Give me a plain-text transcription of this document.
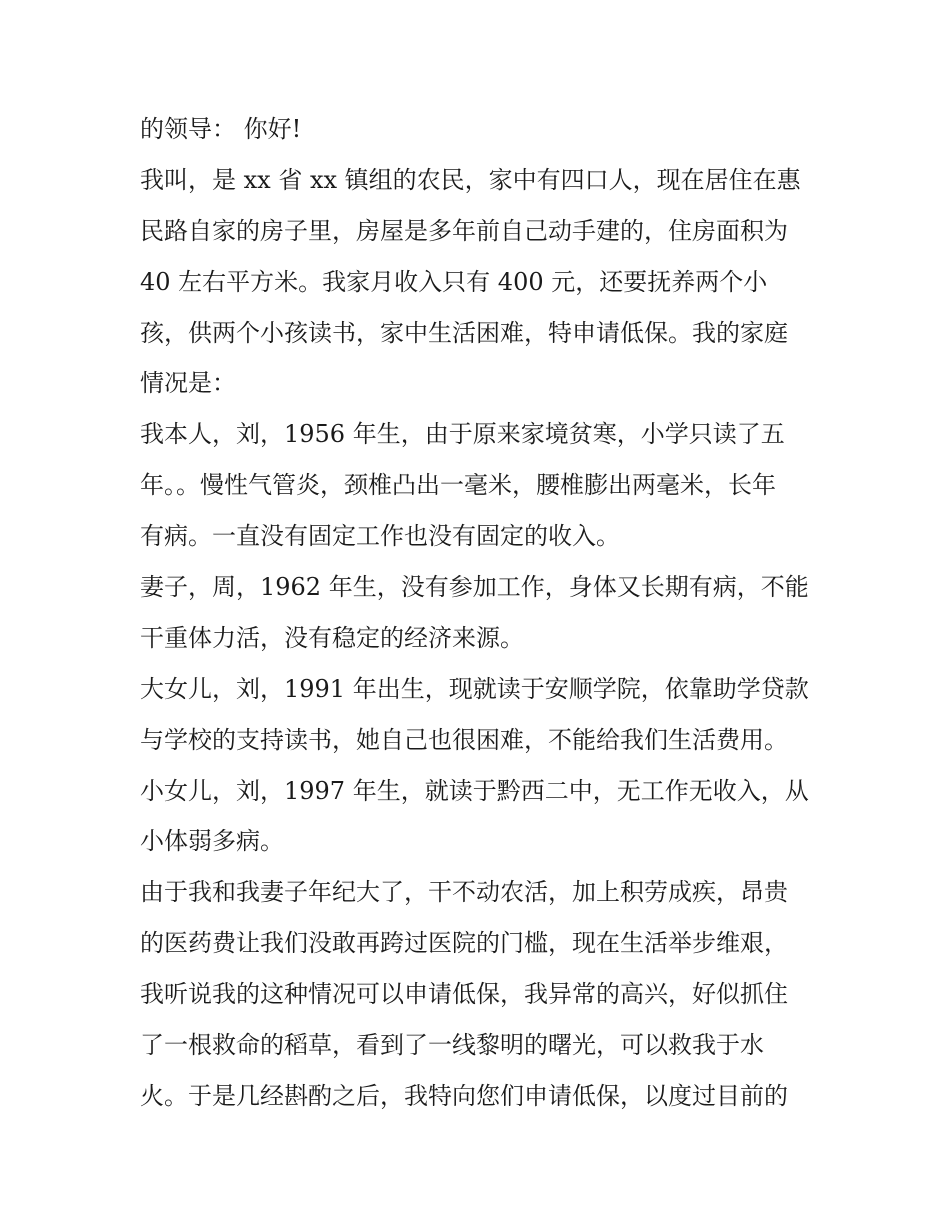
的领导： 你好!
我叫，是 xx 省 xx 镇组的农民，家中有四口人，现在居住在惠
民路自家的房子里，房屋是多年前自己动手建的，住房面积为
40 左右平方米。我家月收入只有 400 元，还要抚养两个小
孩，供两个小孩读书，家中生活困难，特申请低保。我的家庭
情况是：
我本人，刘，1956 年生，由于原来家境贫寒，小学只读了五
年。。慢性气管炎，颈椎凸出一毫米，腰椎膨出两毫米，长年
有病。一直没有固定工作也没有固定的收入。
妻子，周，1962 年生，没有参加工作，身体又长期有病，不能
干重体力活，没有稳定的经济来源。
大女儿，刘，1991 年出生，现就读于安顺学院，依靠助学贷款
与学校的支持读书，她自己也很困难，不能给我们生活费用。
小女儿，刘，1997 年生，就读于黔西二中，无工作无收入，从
小体弱多病。
由于我和我妻子年纪大了，干不动农活，加上积劳成疾，昂贵
的医药费让我们没敢再跨过医院的门槛，现在生活举步维艰，
我听说我的这种情况可以申请低保，我异常的高兴，好似抓住
了一根救命的稻草，看到了一线黎明的曙光，可以救我于水
火。于是几经斟酌之后，我特向您们申请低保，以度过目前的
